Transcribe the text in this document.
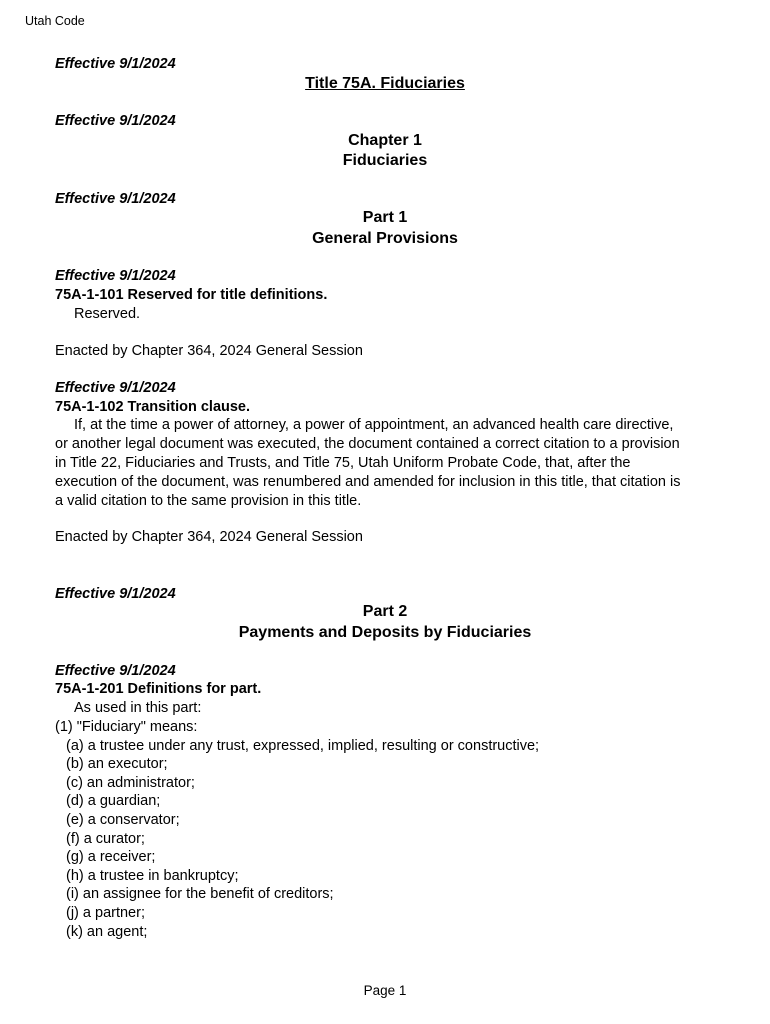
Utah Code
Effective 9/1/2024
Title 75A. Fiduciaries
Effective 9/1/2024
Chapter 1
Fiduciaries
Effective 9/1/2024
Part 1
General Provisions
Effective 9/1/2024
75A-1-101 Reserved for title definitions.
Reserved.
Enacted by Chapter 364, 2024 General Session
Effective 9/1/2024
75A-1-102 Transition clause.
If, at the time a power of attorney, a power of appointment, an advanced health care directive,
or another legal document was executed, the document contained a correct citation to a provision
in Title 22, Fiduciaries and Trusts, and Title 75, Utah Uniform Probate Code, that, after the
execution of the document, was renumbered and amended for inclusion in this title, that citation is
a valid citation to the same provision in this title.
Enacted by Chapter 364, 2024 General Session
Effective 9/1/2024
Part 2
Payments and Deposits by Fiduciaries
Effective 9/1/2024
75A-1-201 Definitions for part.
As used in this part:
(1) "Fiduciary" means:
(a) a trustee under any trust, expressed, implied, resulting or constructive;
(b) an executor;
(c) an administrator;
(d) a guardian;
(e) a conservator;
(f) a curator;
(g) a receiver;
(h) a trustee in bankruptcy;
(i) an assignee for the benefit of creditors;
(j) a partner;
(k) an agent;
Page 1
